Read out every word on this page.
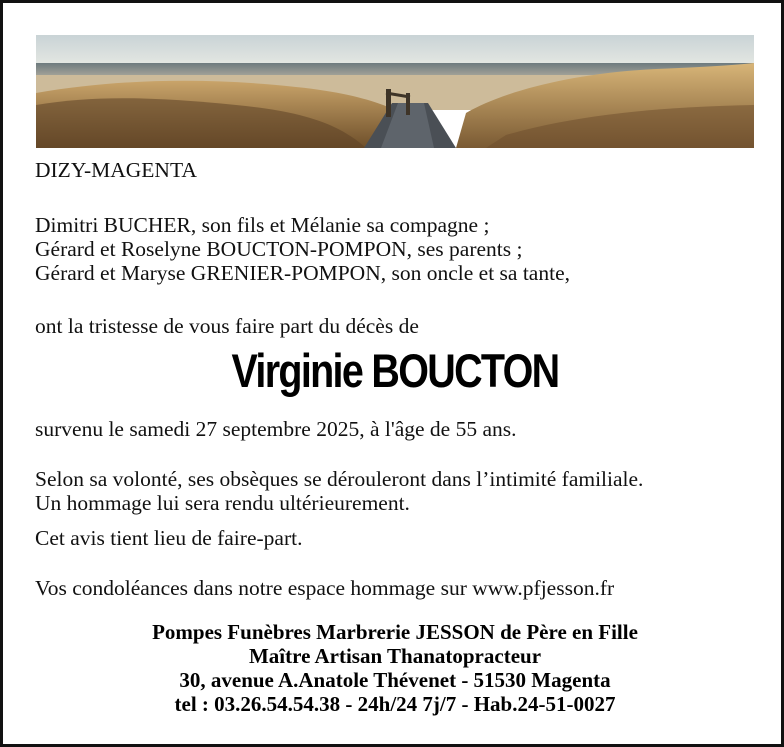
DIZY-MAGENTA
Dimitri BUCHER, son fils et Mélanie sa compagne ;
Gérard et Roselyne BOUCTON-POMPON, ses parents ;
Gérard et Maryse GRENIER-POMPON, son oncle et sa tante,
ont la tristesse de vous faire part du décès de
Virginie BOUCTON
survenu le samedi 27 septembre 2025, à l'âge de 55 ans.
Selon sa volonté, ses obsèques se dérouleront dans l’intimité familiale.
Un hommage lui sera rendu ultérieurement.
Cet avis tient lieu de faire-part.
Vos condoléances dans notre espace hommage sur www.pfjesson.fr
Pompes Funèbres Marbrerie JESSON de Père en Fille
Maître Artisan Thanatopracteur
30, avenue A.Anatole Thévenet - 51530 Magenta
tel : 03.26.54.54.38 - 24h/24 7j/7 - Hab.24-51-0027
